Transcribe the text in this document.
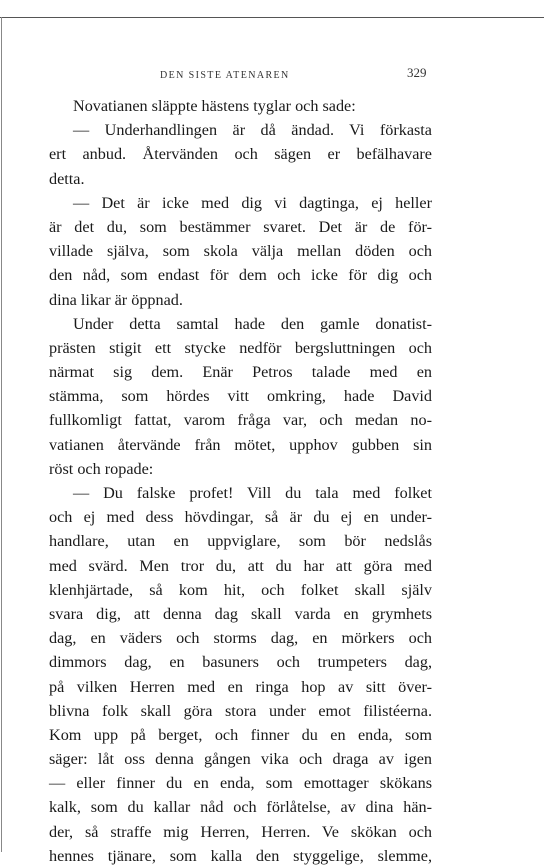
DEN SISTE ATENAREN	329
Novatianen släppte hästens tyglar och sade:
— Underhandlingen är då ändad. Vi förkasta
ert anbud. Återvänden och sägen er befälhavare
detta.
— Det är icke med dig vi dagtinga, ej heller
är det du, som bestämmer svaret. Det är de för-
villade själva, som skola välja mellan döden och
den nåd, som endast för dem och icke för dig och
dina likar är öppnad.
Under detta samtal hade den gamle donatist-
prästen stigit ett stycke nedför bergsluttningen och
närmat sig dem. Enär Petros talade med en
stämma, som hördes vitt omkring, hade David
fullkomligt fattat, varom fråga var, och medan no-
vatianen återvände från mötet, upphov gubben sin
röst och ropade:
— Du falske profet! Vill du tala med folket
och ej med dess hövdingar, så är du ej en under-
handlare, utan en uppviglare, som bör nedslås
med svärd. Men tror du, att du har att göra med
klenhjärtade, så kom hit, och folket skall själv
svara dig, att denna dag skall varda en grymhets
dag, en väders och storms dag, en mörkers och
dimmors dag, en basuners och trumpeters dag,
på vilken Herren med en ringa hop av sitt över-
blivna folk skall göra stora under emot filistéerna.
Kom upp på berget, och finner du en enda, som
säger: låt oss denna gången vika och draga av igen
— eller finner du en enda, som emottager skökans
kalk, som du kallar nåd och förlåtelse, av dina hän-
der, så straffe mig Herren, Herren. Ve skökan och
hennes tjänare, som kalla den styggelige, slemme,
